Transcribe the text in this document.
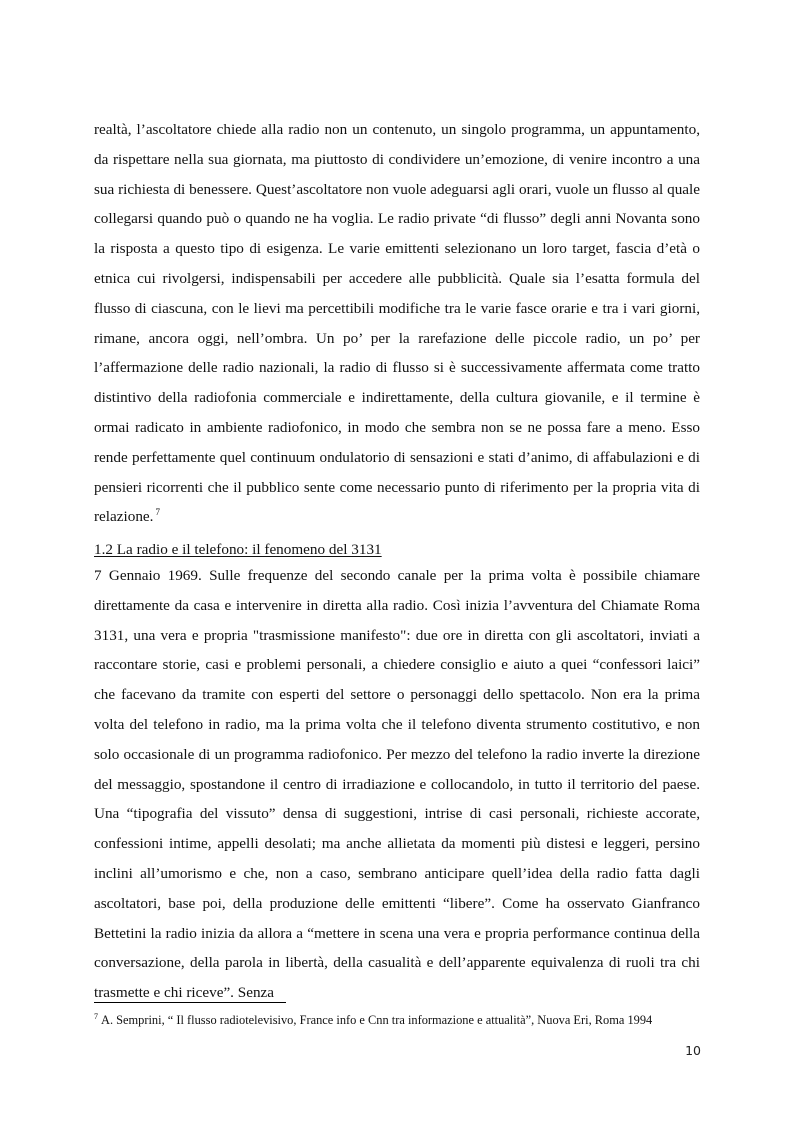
realtà, l’ascoltatore chiede alla radio non un contenuto, un singolo programma, un appuntamento, da rispettare nella sua giornata, ma piuttosto di condividere un’emozione, di venire incontro a una sua richiesta di benessere. Quest’ascoltatore non vuole adeguarsi agli orari, vuole un flusso al quale collegarsi quando può o quando ne ha voglia. Le radio private “di flusso” degli anni Novanta sono la risposta a questo tipo di esigenza. Le varie emittenti selezionano un loro target, fascia d’età o etnica cui rivolgersi, indispensabili per accedere alle pubblicità. Quale sia l’esatta formula del flusso di ciascuna, con le lievi ma percettibili modifiche tra le varie fasce orarie e tra i vari giorni, rimane, ancora oggi, nell’ombra. Un po’ per la rarefazione delle piccole radio, un po’ per l’affermazione delle radio nazionali, la radio di flusso si è successivamente affermata come tratto distintivo della radiofonia commerciale e indirettamente, della cultura giovanile, e il termine è ormai radicato in ambiente radiofonico, in modo che sembra non se ne possa fare a meno. Esso rende perfettamente quel continuum ondulatorio di sensazioni e stati d’animo, di affabulazioni e di pensieri ricorrenti che il pubblico sente come necessario punto di riferimento per la propria vita di relazione. $^7$

1.2 La radio e il telefono: il fenomeno del 3131

7 Gennaio 1969. Sulle frequenze del secondo canale per la prima volta è possibile chiamare direttamente da casa e intervenire in diretta alla radio. Così inizia l’avventura del Chiamate Roma 3131, una vera e propria "trasmissione manifesto": due ore in diretta con gli ascoltatori, inviati a raccontare storie, casi e problemi personali, a chiedere consiglio e aiuto a quei “confessori laici” che facevano da tramite con esperti del settore o personaggi dello spettacolo. Non era la prima volta del telefono in radio, ma la prima volta che il telefono diventa strumento costitutivo, e non solo occasionale di un programma radiofonico. Per mezzo del telefono la radio inverte la direzione del messaggio, spostandone il centro di irradiazione e collocandolo, in tutto il territorio del paese. Una “tipografia del vissuto” densa di suggestioni, intrise di casi personali, richieste accorate, confessioni intime, appelli desolati; ma anche allietata da momenti più distesi e leggeri, persino inclini all’umorismo e che, non a caso, sembrano anticipare quell’idea della radio fatta dagli ascoltatori, base poi, della produzione delle emittenti “libere”. Come ha osservato Gianfranco Bettetini la radio inizia da allora a “mettere in scena una vera e propria performance continua della conversazione, della parola in libertà, della casualità e dell’apparente equivalenza di ruoli tra chi trasmette e chi riceve”. Senza

$^7$ A. Semprini, “ Il flusso radiotelevisivo, France info e Cnn tra informazione e attualità”, Nuova Eri, Roma 1994

10
